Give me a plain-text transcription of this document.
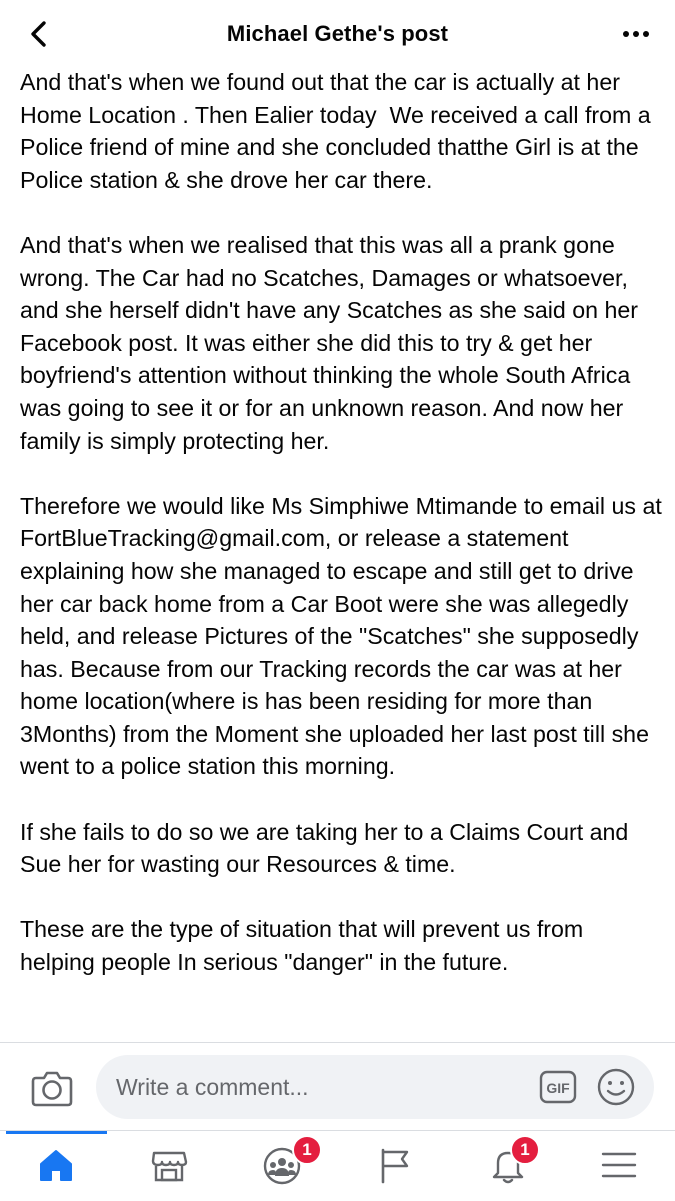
Michael Gethe's post

And that's when we found out that the car is actually at her Home Location . Then Ealier today  We received a call from a Police friend of mine and she concluded thatthe Girl is at the Police station & she drove her car there.

And that's when we realised that this was all a prank gone wrong. The Car had no Scatches, Damages or whatsoever, and she herself didn't have any Scatches as she said on her Facebook post. It was either she did this to try & get her boyfriend's attention without thinking the whole South Africa was going to see it or for an unknown reason. And now her family is simply protecting her.

Therefore we would like Ms Simphiwe Mtimande to email us at FortBlueTracking@gmail.com, or release a statement explaining how she managed to escape and still get to drive her car back home from a Car Boot were she was allegedly held, and release Pictures of the "Scatches" she supposedly has. Because from our Tracking records the car was at her home location(where is has been residing for more than 3Months) from the Moment she uploaded her last post till she went to a police station this morning.

If she fails to do so we are taking her to a Claims Court and Sue her for wasting our Resources & time.

These are the type of situation that will prevent us from helping people In serious "danger" in the future.

Write a comment...
GIF
1	1
